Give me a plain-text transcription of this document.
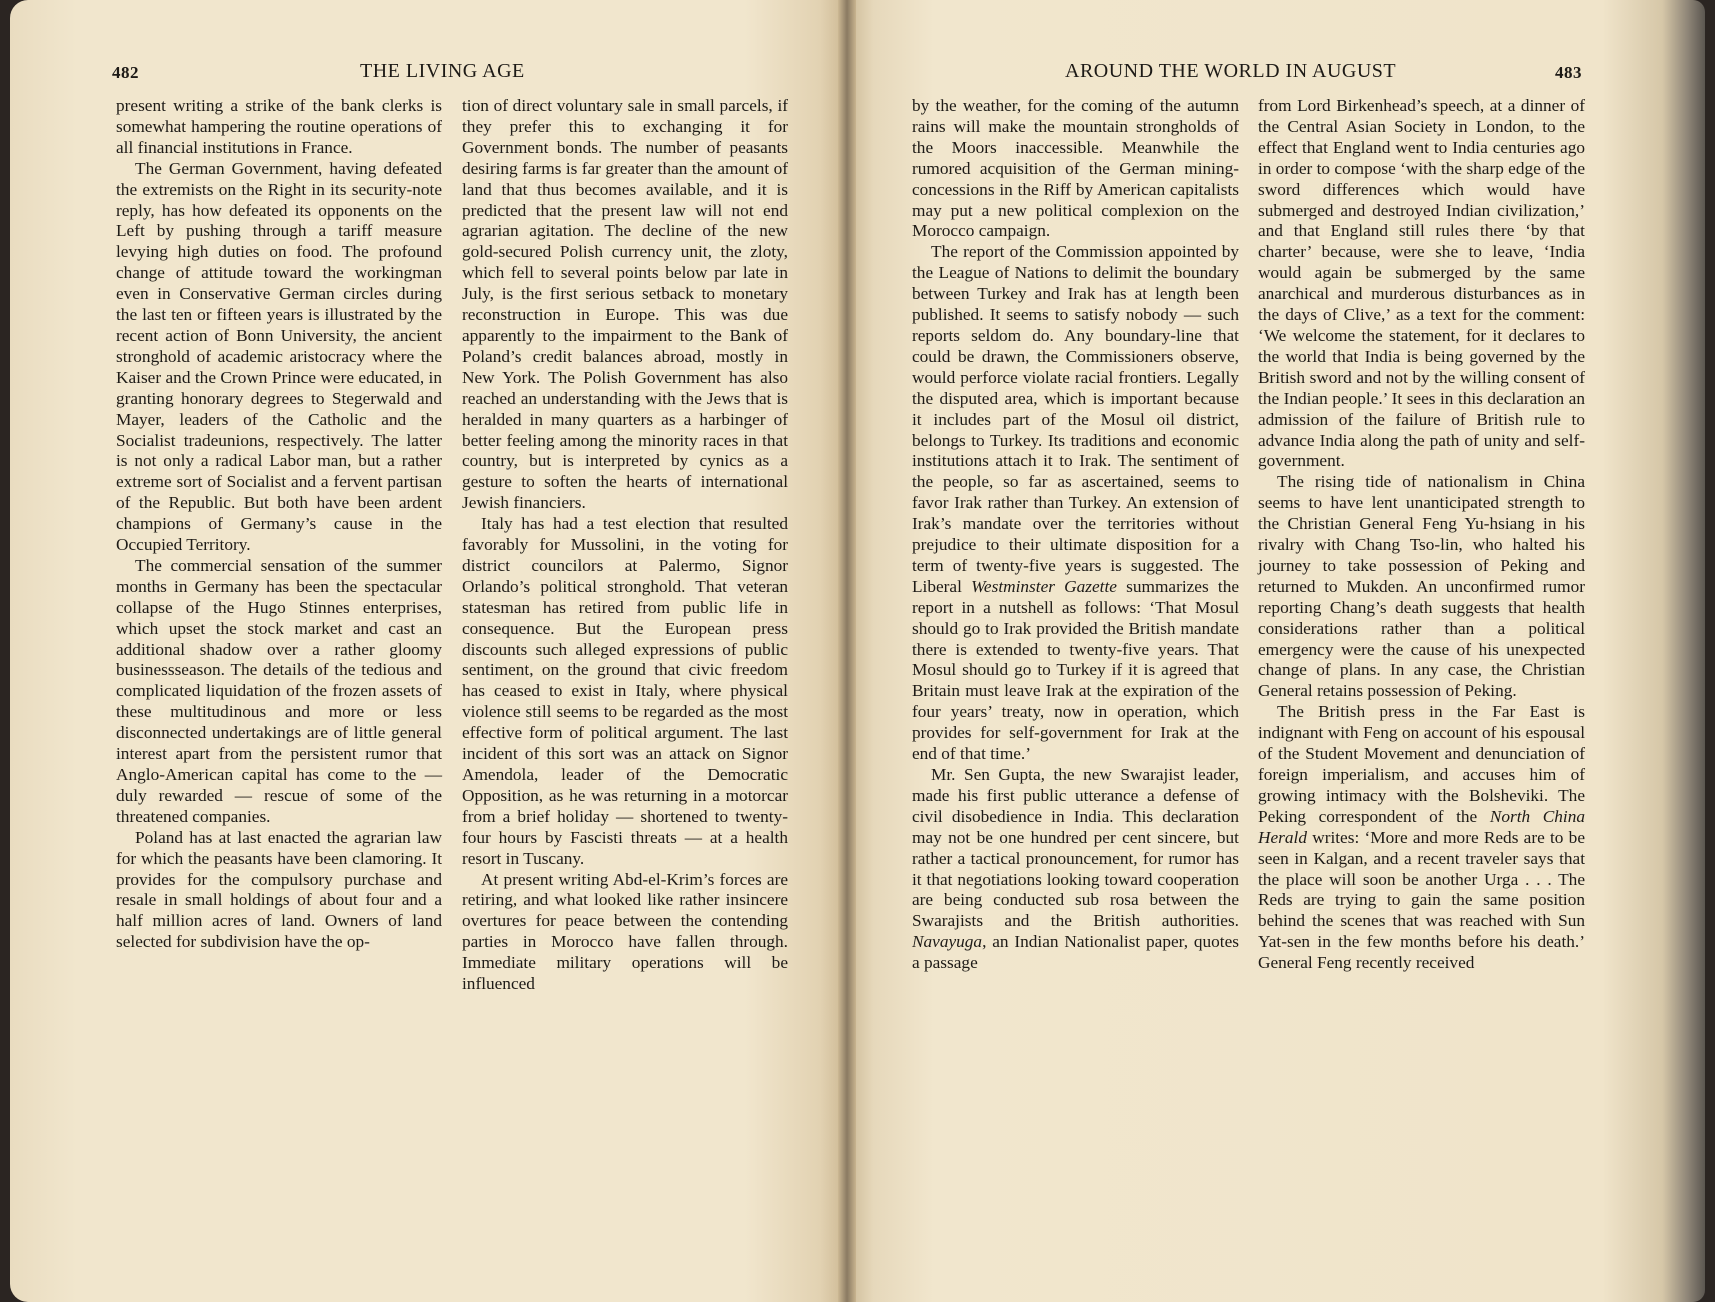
482	THE LIVING AGE	AROUND THE WORLD IN AUGUST	483

present writing a strike of the bank clerks is somewhat hampering the routine operations of all financial institutions in France.

The German Government, having defeated the extremists on the Right in its security-note reply, has how defeated its opponents on the Left by pushing through a tariff measure levying high duties on food. The profound change of attitude toward the workingman even in Conservative German circles during the last ten or fifteen years is illustrated by the recent action of Bonn University, the ancient stronghold of academic aristocracy where the Kaiser and the Crown Prince were educated, in granting honorary degrees to Stegerwald and Mayer, leaders of the Catholic and the Socialist tradeunions, respectively. The latter is not only a radical Labor man, but a rather extreme sort of Socialist and a fervent partisan of the Republic. But both have been ardent champions of Germany’s cause in the Occupied Territory.

The commercial sensation of the summer months in Germany has been the spectacular collapse of the Hugo Stinnes enterprises, which upset the stock market and cast an additional shadow over a rather gloomy businessseason. The details of the tedious and complicated liquidation of the frozen assets of these multitudinous and more or less disconnected undertakings are of little general interest apart from the persistent rumor that Anglo-American capital has come to the — duly rewarded — rescue of some of the threatened companies.

Poland has at last enacted the agrarian law for which the peasants have been clamoring. It provides for the compulsory purchase and resale in small holdings of about four and a half million acres of land. Owners of land selected for subdivision have the op-

tion of direct voluntary sale in small parcels, if they prefer this to exchanging it for Government bonds. The number of peasants desiring farms is far greater than the amount of land that thus becomes available, and it is predicted that the present law will not end agrarian agitation. The decline of the new gold-secured Polish currency unit, the zloty, which fell to several points below par late in July, is the first serious setback to monetary reconstruction in Europe. This was due apparently to the impairment to the Bank of Poland’s credit balances abroad, mostly in New York. The Polish Government has also reached an understanding with the Jews that is heralded in many quarters as a harbinger of better feeling among the minority races in that country, but is interpreted by cynics as a gesture to soften the hearts of international Jewish financiers.

Italy has had a test election that resulted favorably for Mussolini, in the voting for district councilors at Palermo, Signor Orlando’s political stronghold. That veteran statesman has retired from public life in consequence. But the European press discounts such alleged expressions of public sentiment, on the ground that civic freedom has ceased to exist in Italy, where physical violence still seems to be regarded as the most effective form of political argument. The last incident of this sort was an attack on Signor Amendola, leader of the Democratic Opposition, as he was returning in a motorcar from a brief holiday — shortened to twenty-four hours by Fascisti threats — at a health resort in Tuscany.

At present writing Abd-el-Krim’s forces are retiring, and what looked like rather insincere overtures for peace between the contending parties in Morocco have fallen through. Immediate military operations will be influenced

by the weather, for the coming of the autumn rains will make the mountain strongholds of the Moors inaccessible. Meanwhile the rumored acquisition of the German mining-concessions in the Riff by American capitalists may put a new political complexion on the Morocco campaign.

The report of the Commission appointed by the League of Nations to delimit the boundary between Turkey and Irak has at length been published. It seems to satisfy nobody — such reports seldom do. Any boundary-line that could be drawn, the Commissioners observe, would perforce violate racial frontiers. Legally the disputed area, which is important because it includes part of the Mosul oil district, belongs to Turkey. Its traditions and economic institutions attach it to Irak. The sentiment of the people, so far as ascertained, seems to favor Irak rather than Turkey. An extension of Irak’s mandate over the territories without prejudice to their ultimate disposition for a term of twenty-five years is suggested. The Liberal Westminster Gazette summarizes the report in a nutshell as follows: ‘That Mosul should go to Irak provided the British mandate there is extended to twenty-five years. That Mosul should go to Turkey if it is agreed that Britain must leave Irak at the expiration of the four years’ treaty, now in operation, which provides for self-government for Irak at the end of that time.’

Mr. Sen Gupta, the new Swarajist leader, made his first public utterance a defense of civil disobedience in India. This declaration may not be one hundred per cent sincere, but rather a tactical pronouncement, for rumor has it that negotiations looking toward cooperation are being conducted sub rosa between the Swarajists and the British authorities. Navayuga, an Indian Nationalist paper, quotes a passage

from Lord Birkenhead’s speech, at a dinner of the Central Asian Society in London, to the effect that England went to India centuries ago in order to compose ‘with the sharp edge of the sword differences which would have submerged and destroyed Indian civilization,’ and that England still rules there ‘by that charter’ because, were she to leave, ‘India would again be submerged by the same anarchical and murderous disturbances as in the days of Clive,’ as a text for the comment: ‘We welcome the statement, for it declares to the world that India is being governed by the British sword and not by the willing consent of the Indian people.’ It sees in this declaration an admission of the failure of British rule to advance India along the path of unity and self-government.

The rising tide of nationalism in China seems to have lent unanticipated strength to the Christian General Feng Yu-hsiang in his rivalry with Chang Tso-lin, who halted his journey to take possession of Peking and returned to Mukden. An unconfirmed rumor reporting Chang’s death suggests that health considerations rather than a political emergency were the cause of his unexpected change of plans. In any case, the Christian General retains possession of Peking.

The British press in the Far East is indignant with Feng on account of his espousal of the Student Movement and denunciation of foreign imperialism, and accuses him of growing intimacy with the Bolsheviki. The Peking correspondent of the North China Herald writes: ‘More and more Reds are to be seen in Kalgan, and a recent traveler says that the place will soon be another Urga . . . The Reds are trying to gain the same position behind the scenes that was reached with Sun Yat-sen in the few months before his death.’ General Feng recently received
